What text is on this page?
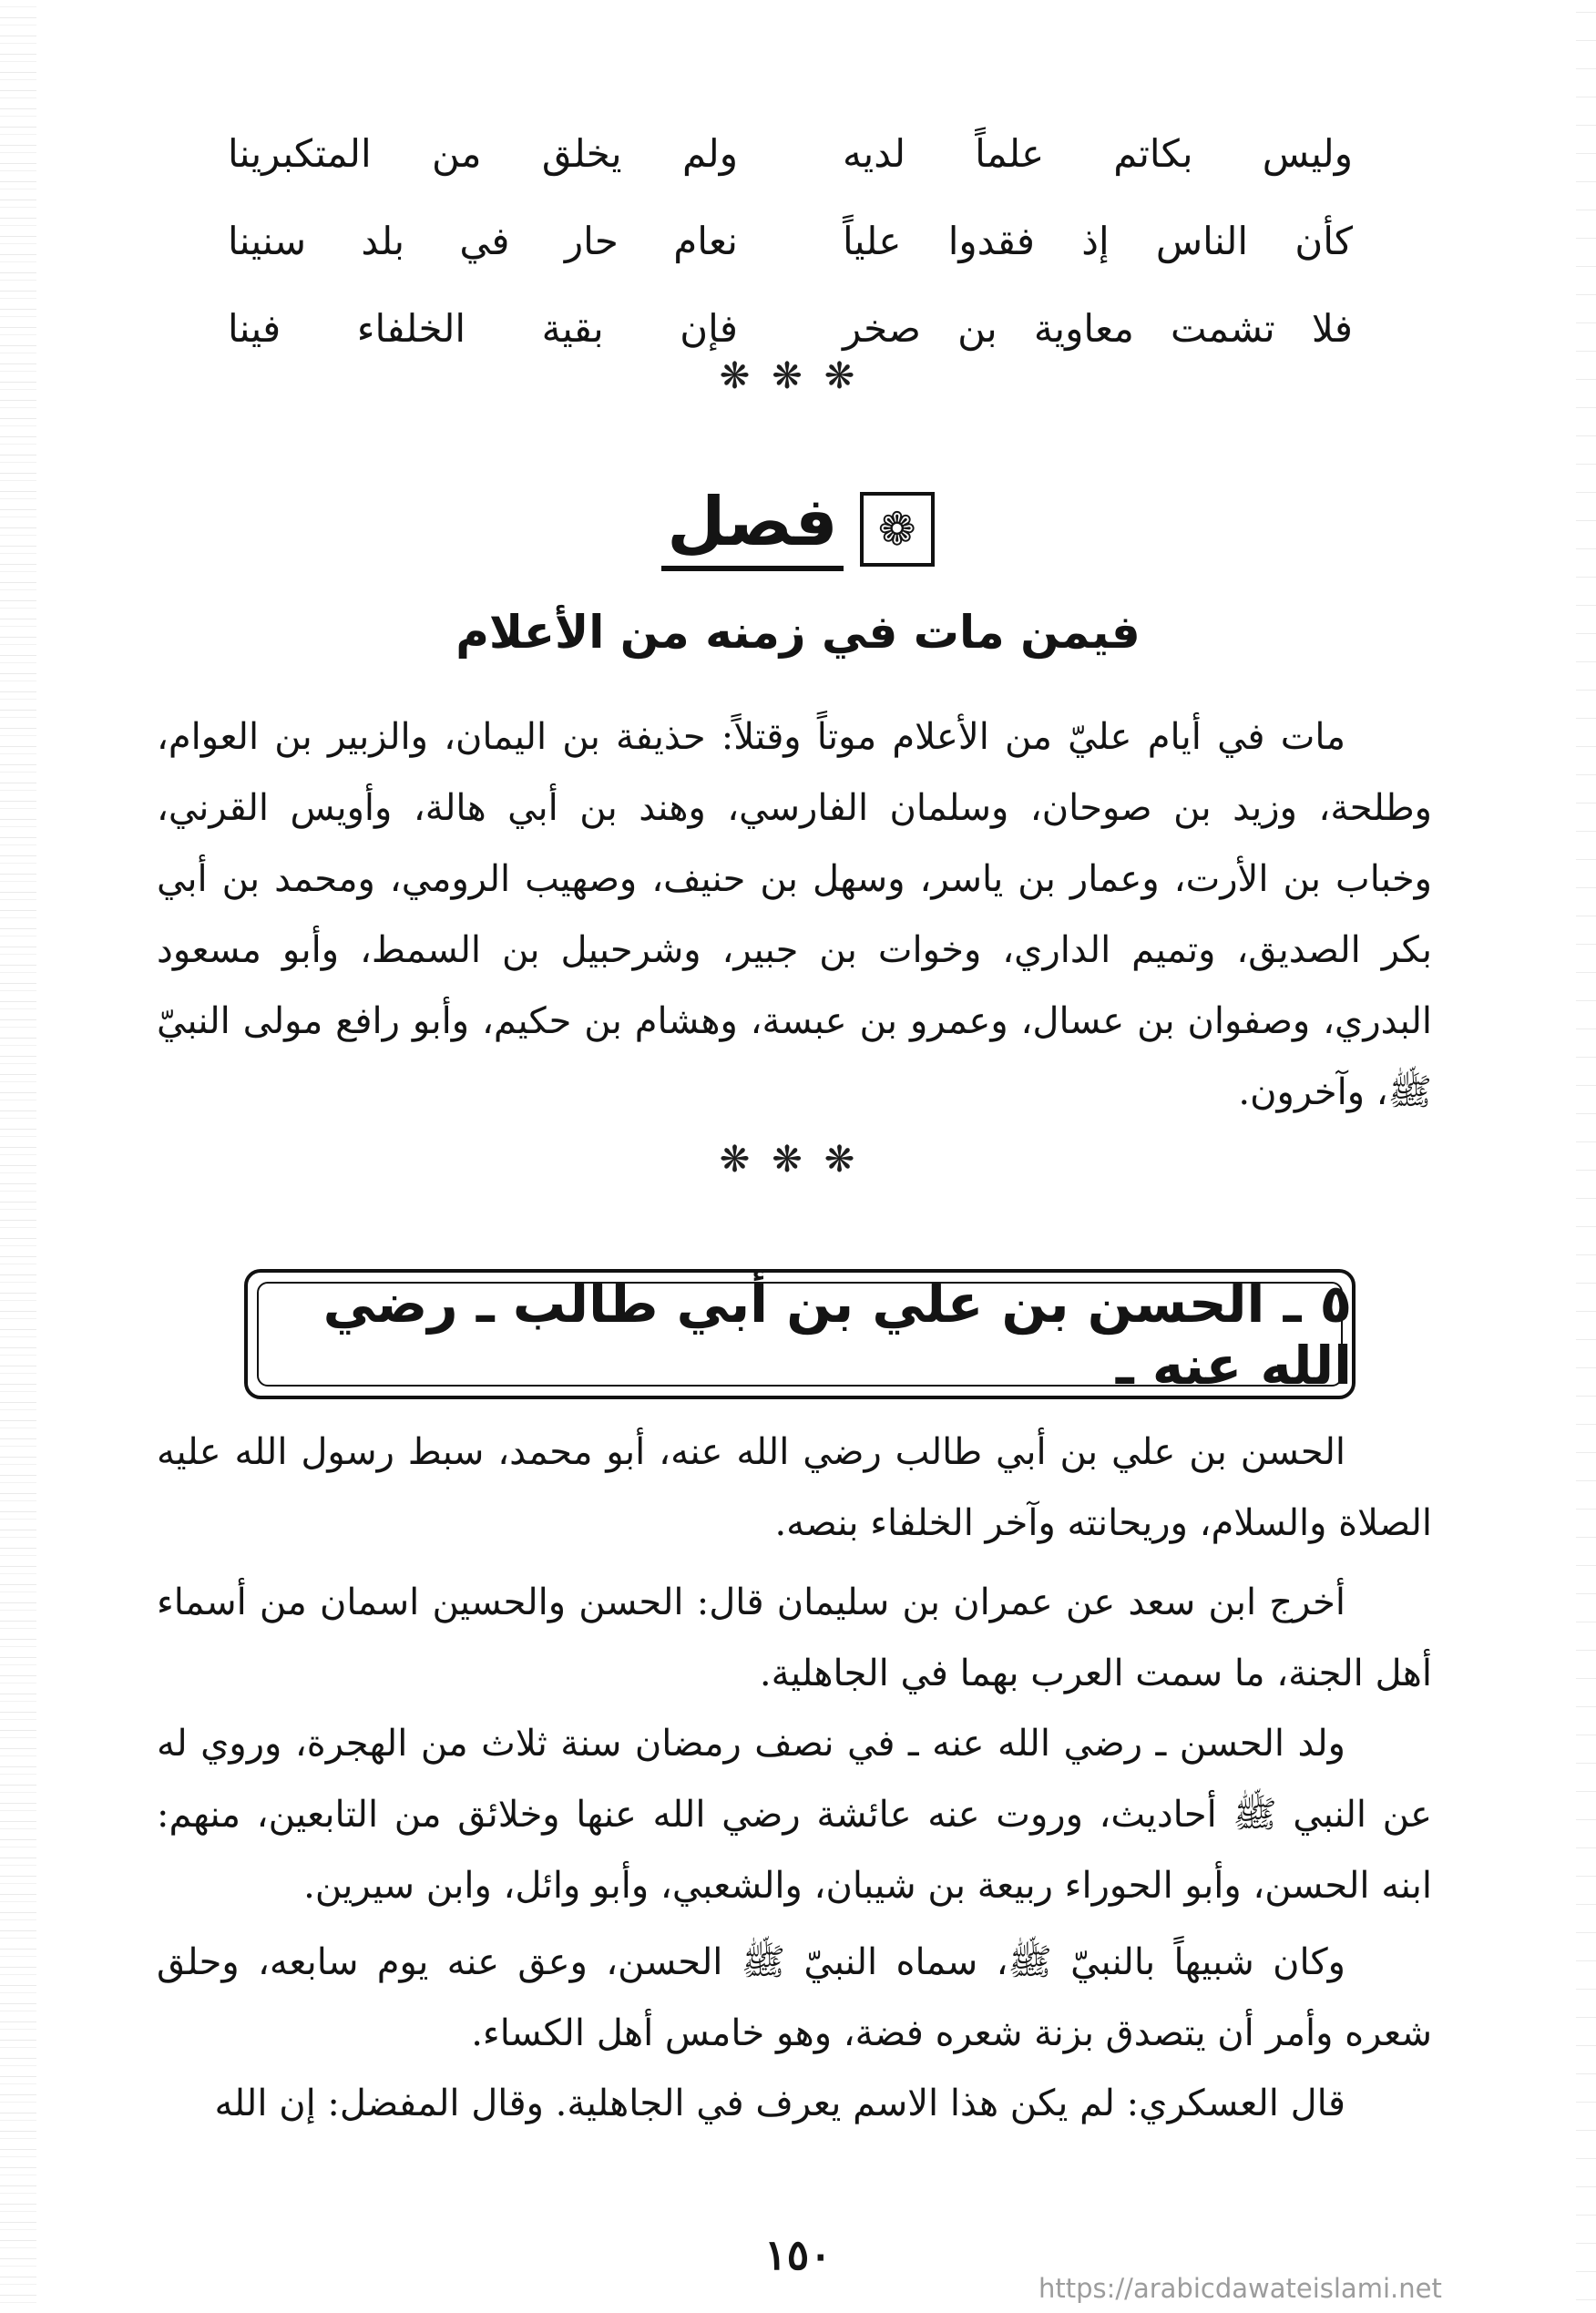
وليس بكاتم علماً لديه
ولم يخلق من المتكبرينا
كأن الناس إذ فقدوا علياً
نعام حار في بلد سنينا
فلا تشمت معاوية بن صخر
فإن بقية الخلفاء فينا
❋❋❋
❁
فصل
فيمن مات في زمنه من الأعلام
مات في أيام عليّ من الأعلام موتاً وقتلاً: حذيفة بن اليمان، والزبير بن العوام، وطلحة، وزيد بن صوحان، وسلمان الفارسي، وهند بن أبي هالة، وأويس القرني، وخباب بن الأرت، وعمار بن ياسر، وسهل بن حنيف، وصهيب الرومي، ومحمد بن أبي بكر الصديق، وتميم الداري، وخوات بن جبير، وشرحبيل بن السمط، وأبو مسعود البدري، وصفوان بن عسال، وعمرو بن عبسة، وهشام بن حكيم، وأبو رافع مولى النبيّ ﷺ، وآخرون.
❋❋❋
٥ ـ الحسن بن علي بن أبي طالب ـ رضي الله عنه ـ
الحسن بن علي بن أبي طالب رضي الله عنه، أبو محمد، سبط رسول الله عليه الصلاة والسلام، وريحانته وآخر الخلفاء بنصه.
أخرج ابن سعد عن عمران بن سليمان قال: الحسن والحسين اسمان من أسماء أهل الجنة، ما سمت العرب بهما في الجاهلية.
ولد الحسن ـ رضي الله عنه ـ في نصف رمضان سنة ثلاث من الهجرة، وروي له عن النبي ﷺ أحاديث، وروت عنه عائشة رضي الله عنها وخلائق من التابعين، منهم: ابنه الحسن، وأبو الحوراء ربيعة بن شيبان، والشعبي، وأبو وائل، وابن سيرين.
وكان شبيهاً بالنبيّ ﷺ، سماه النبيّ ﷺ الحسن، وعق عنه يوم سابعه، وحلق شعره وأمر أن يتصدق بزنة شعره فضة، وهو خامس أهل الكساء.
قال العسكري: لم يكن هذا الاسم يعرف في الجاهلية. وقال المفضل: إن الله
١٥٠
https://arabicdawateislami.net
